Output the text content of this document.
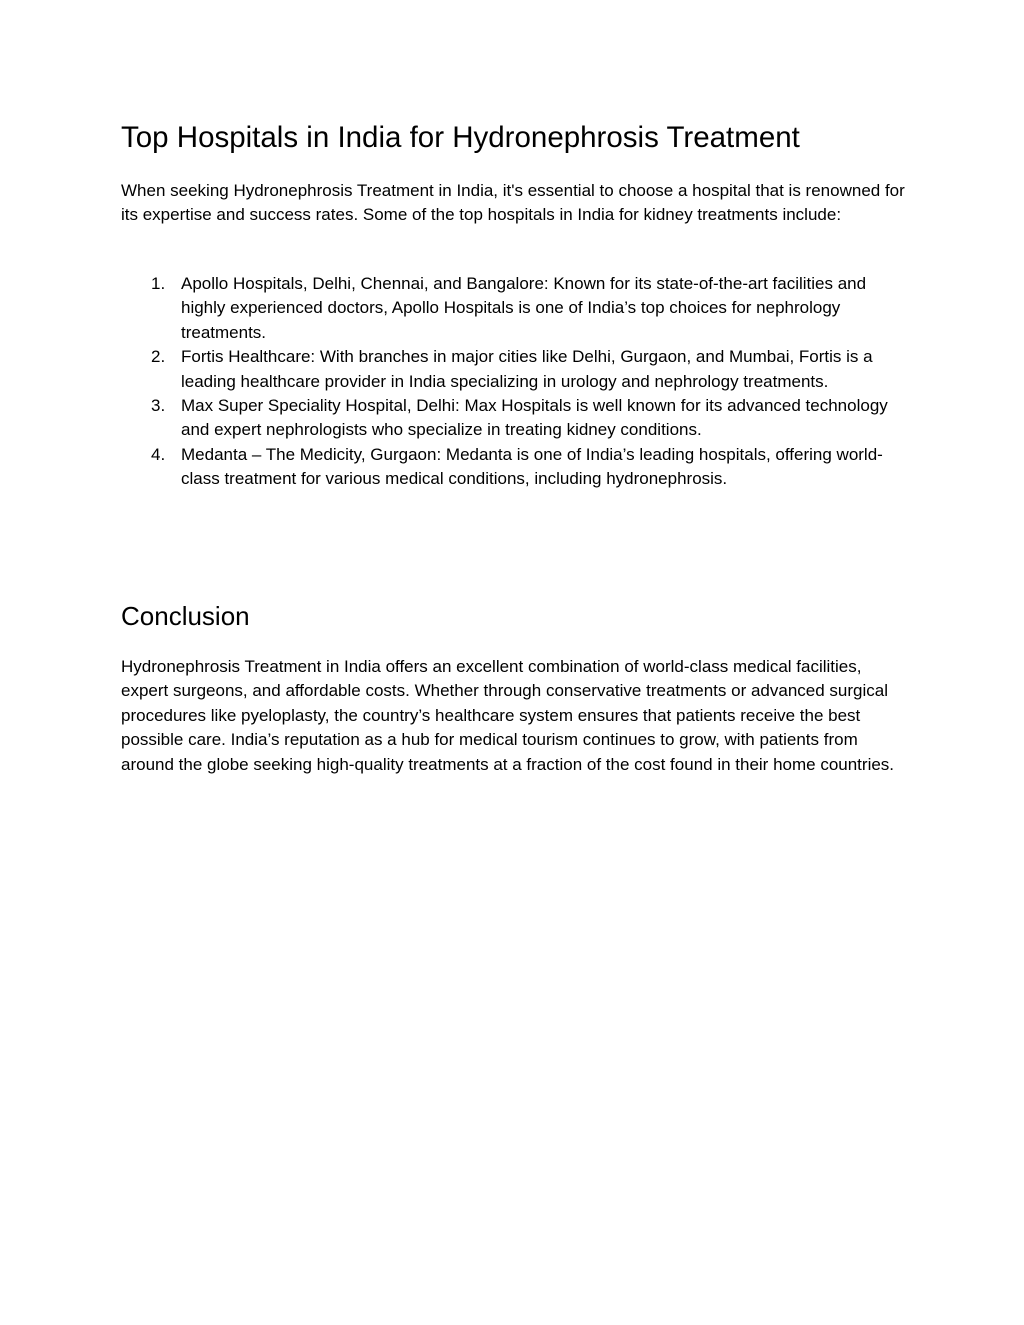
Top Hospitals in India for Hydronephrosis Treatment

When seeking Hydronephrosis Treatment in India, it's essential to choose a hospital that is renowned for its expertise and success rates. Some of the top hospitals in India for kidney treatments include:

1. Apollo Hospitals, Delhi, Chennai, and Bangalore: Known for its state-of-the-art facilities and highly experienced doctors, Apollo Hospitals is one of India’s top choices for nephrology treatments.
2. Fortis Healthcare: With branches in major cities like Delhi, Gurgaon, and Mumbai, Fortis is a leading healthcare provider in India specializing in urology and nephrology treatments.
3. Max Super Speciality Hospital, Delhi: Max Hospitals is well known for its advanced technology and expert nephrologists who specialize in treating kidney conditions.
4. Medanta – The Medicity, Gurgaon: Medanta is one of India’s leading hospitals, offering world-class treatment for various medical conditions, including hydronephrosis.
Conclusion

Hydronephrosis Treatment in India offers an excellent combination of world-class medical facilities, expert surgeons, and affordable costs. Whether through conservative treatments or advanced surgical procedures like pyeloplasty, the country’s healthcare system ensures that patients receive the best possible care. India’s reputation as a hub for medical tourism continues to grow, with patients from around the globe seeking high-quality treatments at a fraction of the cost found in their home countries.
